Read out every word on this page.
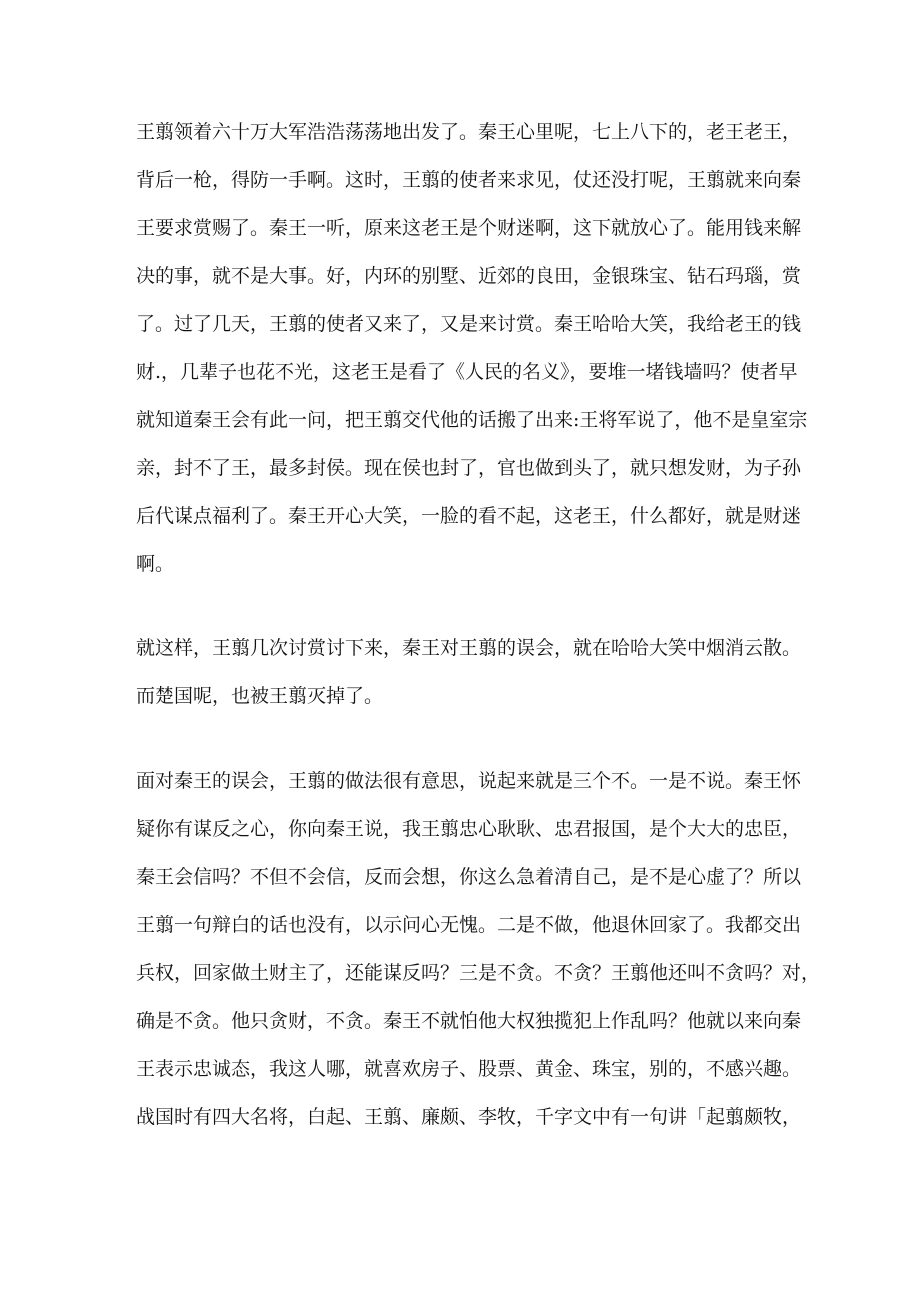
王翦领着六十万大军浩浩荡荡地出发了。秦王心里呢，七上八下的，老王老王，
背后一枪，得防一手啊。这时，王翦的使者来求见，仗还没打呢，王翦就来向秦
王要求赏赐了。秦王一听，原来这老王是个财迷啊，这下就放心了。能用钱来解
决的事，就不是大事。好，内环的别墅、近郊的良田，金银珠宝、钻石玛瑙，赏
了。过了几天，王翦的使者又来了，又是来讨赏。秦王哈哈大笑，我给老王的钱
财.，几辈子也花不光，这老王是看了《人民的名义》，要堆一堵钱墙吗？使者早
就知道秦王会有此一问，把王翦交代他的话搬了出来:王将军说了，他不是皇室宗
亲，封不了王，最多封侯。现在侯也封了，官也做到头了，就只想发财，为子孙
后代谋点福利了。秦王开心大笑，一脸的看不起，这老王，什么都好，就是财迷
啊。
就这样，王翦几次讨赏讨下来，秦王对王翦的误会，就在哈哈大笑中烟消云散。
而楚国呢，也被王翦灭掉了。
面对秦王的误会，王翦的做法很有意思，说起来就是三个不。一是不说。秦王怀
疑你有谋反之心，你向秦王说，我王翦忠心耿耿、忠君报国，是个大大的忠臣，
秦王会信吗？不但不会信，反而会想，你这么急着清自己，是不是心虚了？所以
王翦一句辩白的话也没有，以示问心无愧。二是不做，他退休回家了。我都交出
兵权，回家做土财主了，还能谋反吗？三是不贪。不贪？王翦他还叫不贪吗？对，
确是不贪。他只贪财，不贪。秦王不就怕他大权独揽犯上作乱吗？他就以来向秦
王表示忠诚态，我这人哪，就喜欢房子、股票、黄金、珠宝，别的，不感兴趣。
战国时有四大名将，白起、王翦、廉颇、李牧，千字文中有一句讲「起翦颇牧，
